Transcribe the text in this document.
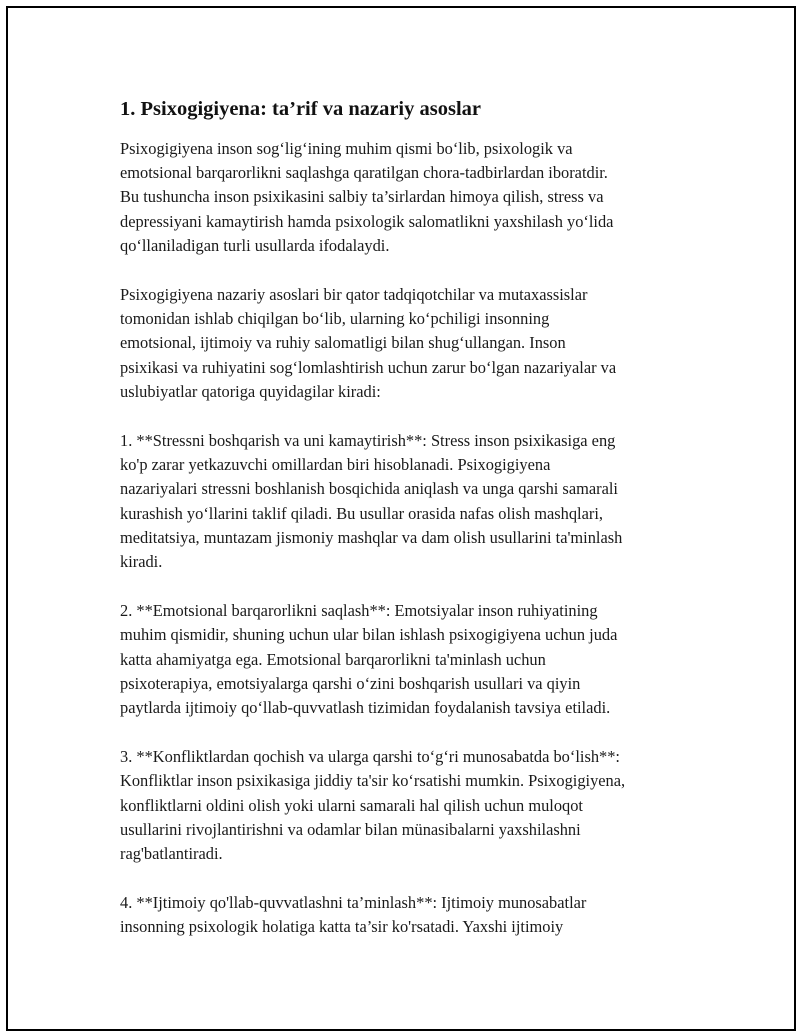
1. Psixogigiyena: ta’rif va nazariy asoslar

Psixogigiyena inson sog‘lig‘ining muhim qismi bo‘lib, psixologik va
emotsional barqarorlikni saqlashga qaratilgan chora-tadbirlardan iboratdir.
Bu tushuncha inson psixikasini salbiy ta’sirlardan himoya qilish, stress va
depressiyani kamaytirish hamda psixologik salomatlikni yaxshilash yo‘lida
qo‘llaniladigan turli usullarda ifodalaydi.

Psixogigiyena nazariy asoslari bir qator tadqiqotchilar va mutaxassislar
tomonidan ishlab chiqilgan bo‘lib, ularning ko‘pchiligi insonning
emotsional, ijtimoiy va ruhiy salomatligi bilan shug‘ullangan. Inson
psixikasi va ruhiyatini sog‘lomlashtirish uchun zarur bo‘lgan nazariyalar va
uslubiyatlar qatoriga quyidagilar kiradi:

1. **Stressni boshqarish va uni kamaytirish**: Stress inson psixikasiga eng
ko'p zarar yetkazuvchi omillardan biri hisoblanadi. Psixogigiyena
nazariyalari stressni boshlanish bosqichida aniqlash va unga qarshi samarali
kurashish yo‘llarini taklif qiladi. Bu usullar orasida nafas olish mashqlari,
meditatsiya, muntazam jismoniy mashqlar va dam olish usullarini ta'minlash
kiradi.

2. **Emotsional barqarorlikni saqlash**: Emotsiyalar inson ruhiyatining
muhim qismidir, shuning uchun ular bilan ishlash psixogigiyena uchun juda
katta ahamiyatga ega. Emotsional barqarorlikni ta'minlash uchun
psixoterapiya, emotsiyalarga qarshi o‘zini boshqarish usullari va qiyin
paytlarda ijtimoiy qo‘llab-quvvatlash tizimidan foydalanish tavsiya etiladi.

3. **Konfliktlardan qochish va ularga qarshi to‘g‘ri munosabatda bo‘lish**:
Konfliktlar inson psixikasiga jiddiy ta'sir ko‘rsatishi mumkin. Psixogigiyena,
konfliktlarni oldini olish yoki ularni samarali hal qilish uchun muloqot
usullarini rivojlantirishni va odamlar bilan münasibalarni yaxshilashni
rag'batlantiradi.

4. **Ijtimoiy qo'llab-quvvatlashni ta’minlash**: Ijtimoiy munosabatlar
insonning psixologik holatiga katta ta’sir ko'rsatadi. Yaxshi ijtimoiy
